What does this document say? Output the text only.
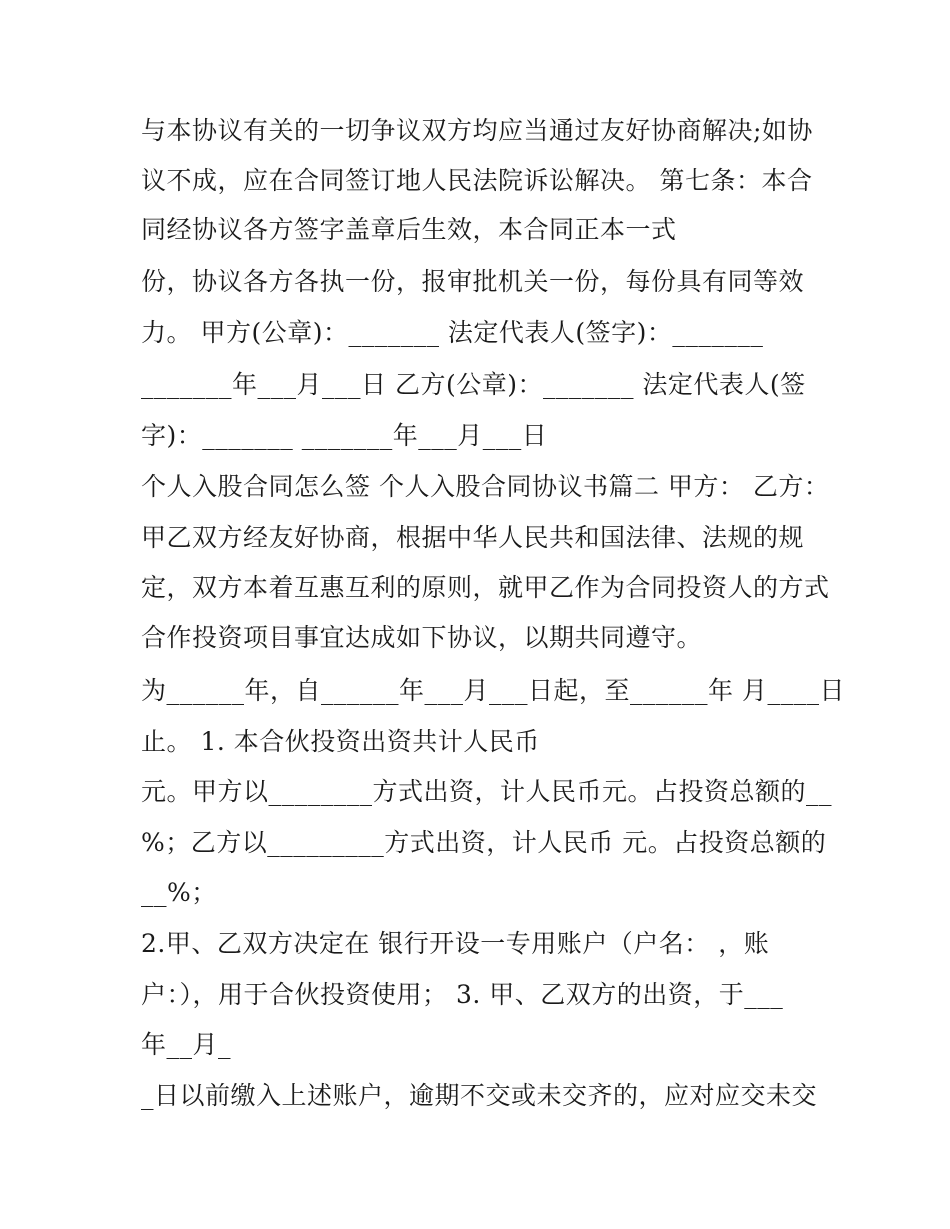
与本协议有关的一切争议双方均应当通过友好协商解决;如协
议不成，应在合同签订地人民法院诉讼解决。 第七条：本合
同经协议各方签字盖章后生效，本合同正本一式
份，协议各方各执一份，报审批机关一份，每份具有同等效
力。 甲方(公章)：_______ 法定代表人(签字)：_______
_______年___月___日 乙方(公章)：_______ 法定代表人(签
字)：_______ _______年___月___日
个人入股合同怎么签 个人入股合同协议书篇二 甲方： 乙方：
甲乙双方经友好协商，根据中华人民共和国法律、法规的规
定，双方本着互惠互利的原则，就甲乙作为合同投资人的方式
合作投资项目事宜达成如下协议，以期共同遵守。
为______年，自______年___月___日起，至______年 月____日
止。 1. 本合伙投资出资共计人民币
元。甲方以________方式出资，计人民币元。占投资总额的__
%；乙方以_________方式出资，计人民币 元。占投资总额的
__%；
2.甲、乙双方决定在 银行开设一专用账户（户名： ，账
户：），用于合伙投资使用； 3. 甲、乙双方的出资，于___
年__月_
_日以前缴入上述账户，逾期不交或未交齐的，应对应交未交
